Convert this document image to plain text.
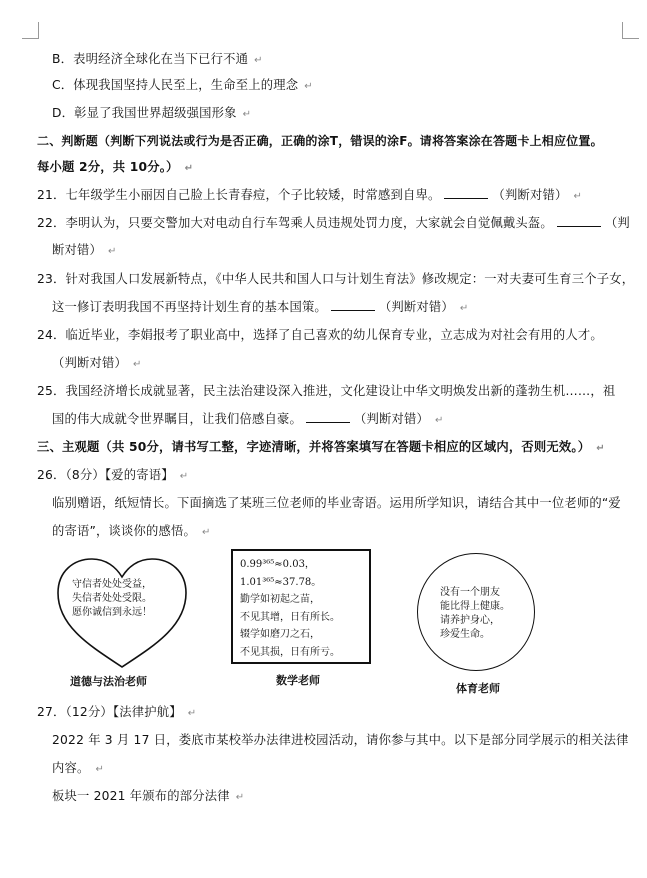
B．表明经济全球化在当下已行不通 ↵
C．体现我国坚持人民至上，生命至上的理念 ↵
D．彰显了我国世界超级强国形象 ↵
二、判断题（判断下列说法或行为是否正确，正确的涂T，错误的涂F。请将答案涂在答题卡上相应位置。
每小题 2分，共 10分。） ↵
21．七年级学生小丽因自己脸上长青春痘，个子比较矮，时常感到自卑。	（判断对错） ↵
22．李明认为，只要交警加大对电动自行车驾乘人员违规处罚力度，大家就会自觉佩戴头盔。	（判
断对错） ↵
23．针对我国人口发展新特点，《中华人民共和国人口与计划生育法》修改规定：一对夫妻可生育三个子女，
这一修订表明我国不再坚持计划生育的基本国策。	（判断对错） ↵
24．临近毕业，李娟报考了职业高中，选择了自己喜欢的幼儿保育专业，立志成为对社会有用的人才。
（判断对错） ↵
25．我国经济增长成就显著，民主法治建设深入推进，文化建设让中华文明焕发出新的蓬勃生机……，祖
国的伟大成就令世界瞩目，让我们倍感自豪。	（判断对错） ↵
三、主观题（共 50分，请书写工整，字迹清晰，并将答案填写在答题卡相应的区域内，否则无效。） ↵
26．（8分）【爱的寄语】 ↵
临别赠语，纸短情长。下面摘选了某班三位老师的毕业寄语。运用所学知识，请结合其中一位老师的“爱
的寄语”，谈谈你的感悟。 ↵
守信者处处受益，
失信者处处受限。
愿你诚信到永远！
道德与法治老师
0.99³⁶⁵≈0.03，
1.01³⁶⁵≈37.78。
勤学如初起之苗，
不见其增，日有所长。
辍学如磨刀之石，
不见其损，日有所亏。
数学老师
没有一个朋友
能比得上健康。
请养护身心，
珍爱生命。
体育老师
27．（12分）【法律护航】 ↵
2022 年 3 月 17 日，娄底市某校举办法律进校园活动，请你参与其中。以下是部分同学展示的相关法律
内容。 ↵
板块一 2021 年颁布的部分法律 ↵
